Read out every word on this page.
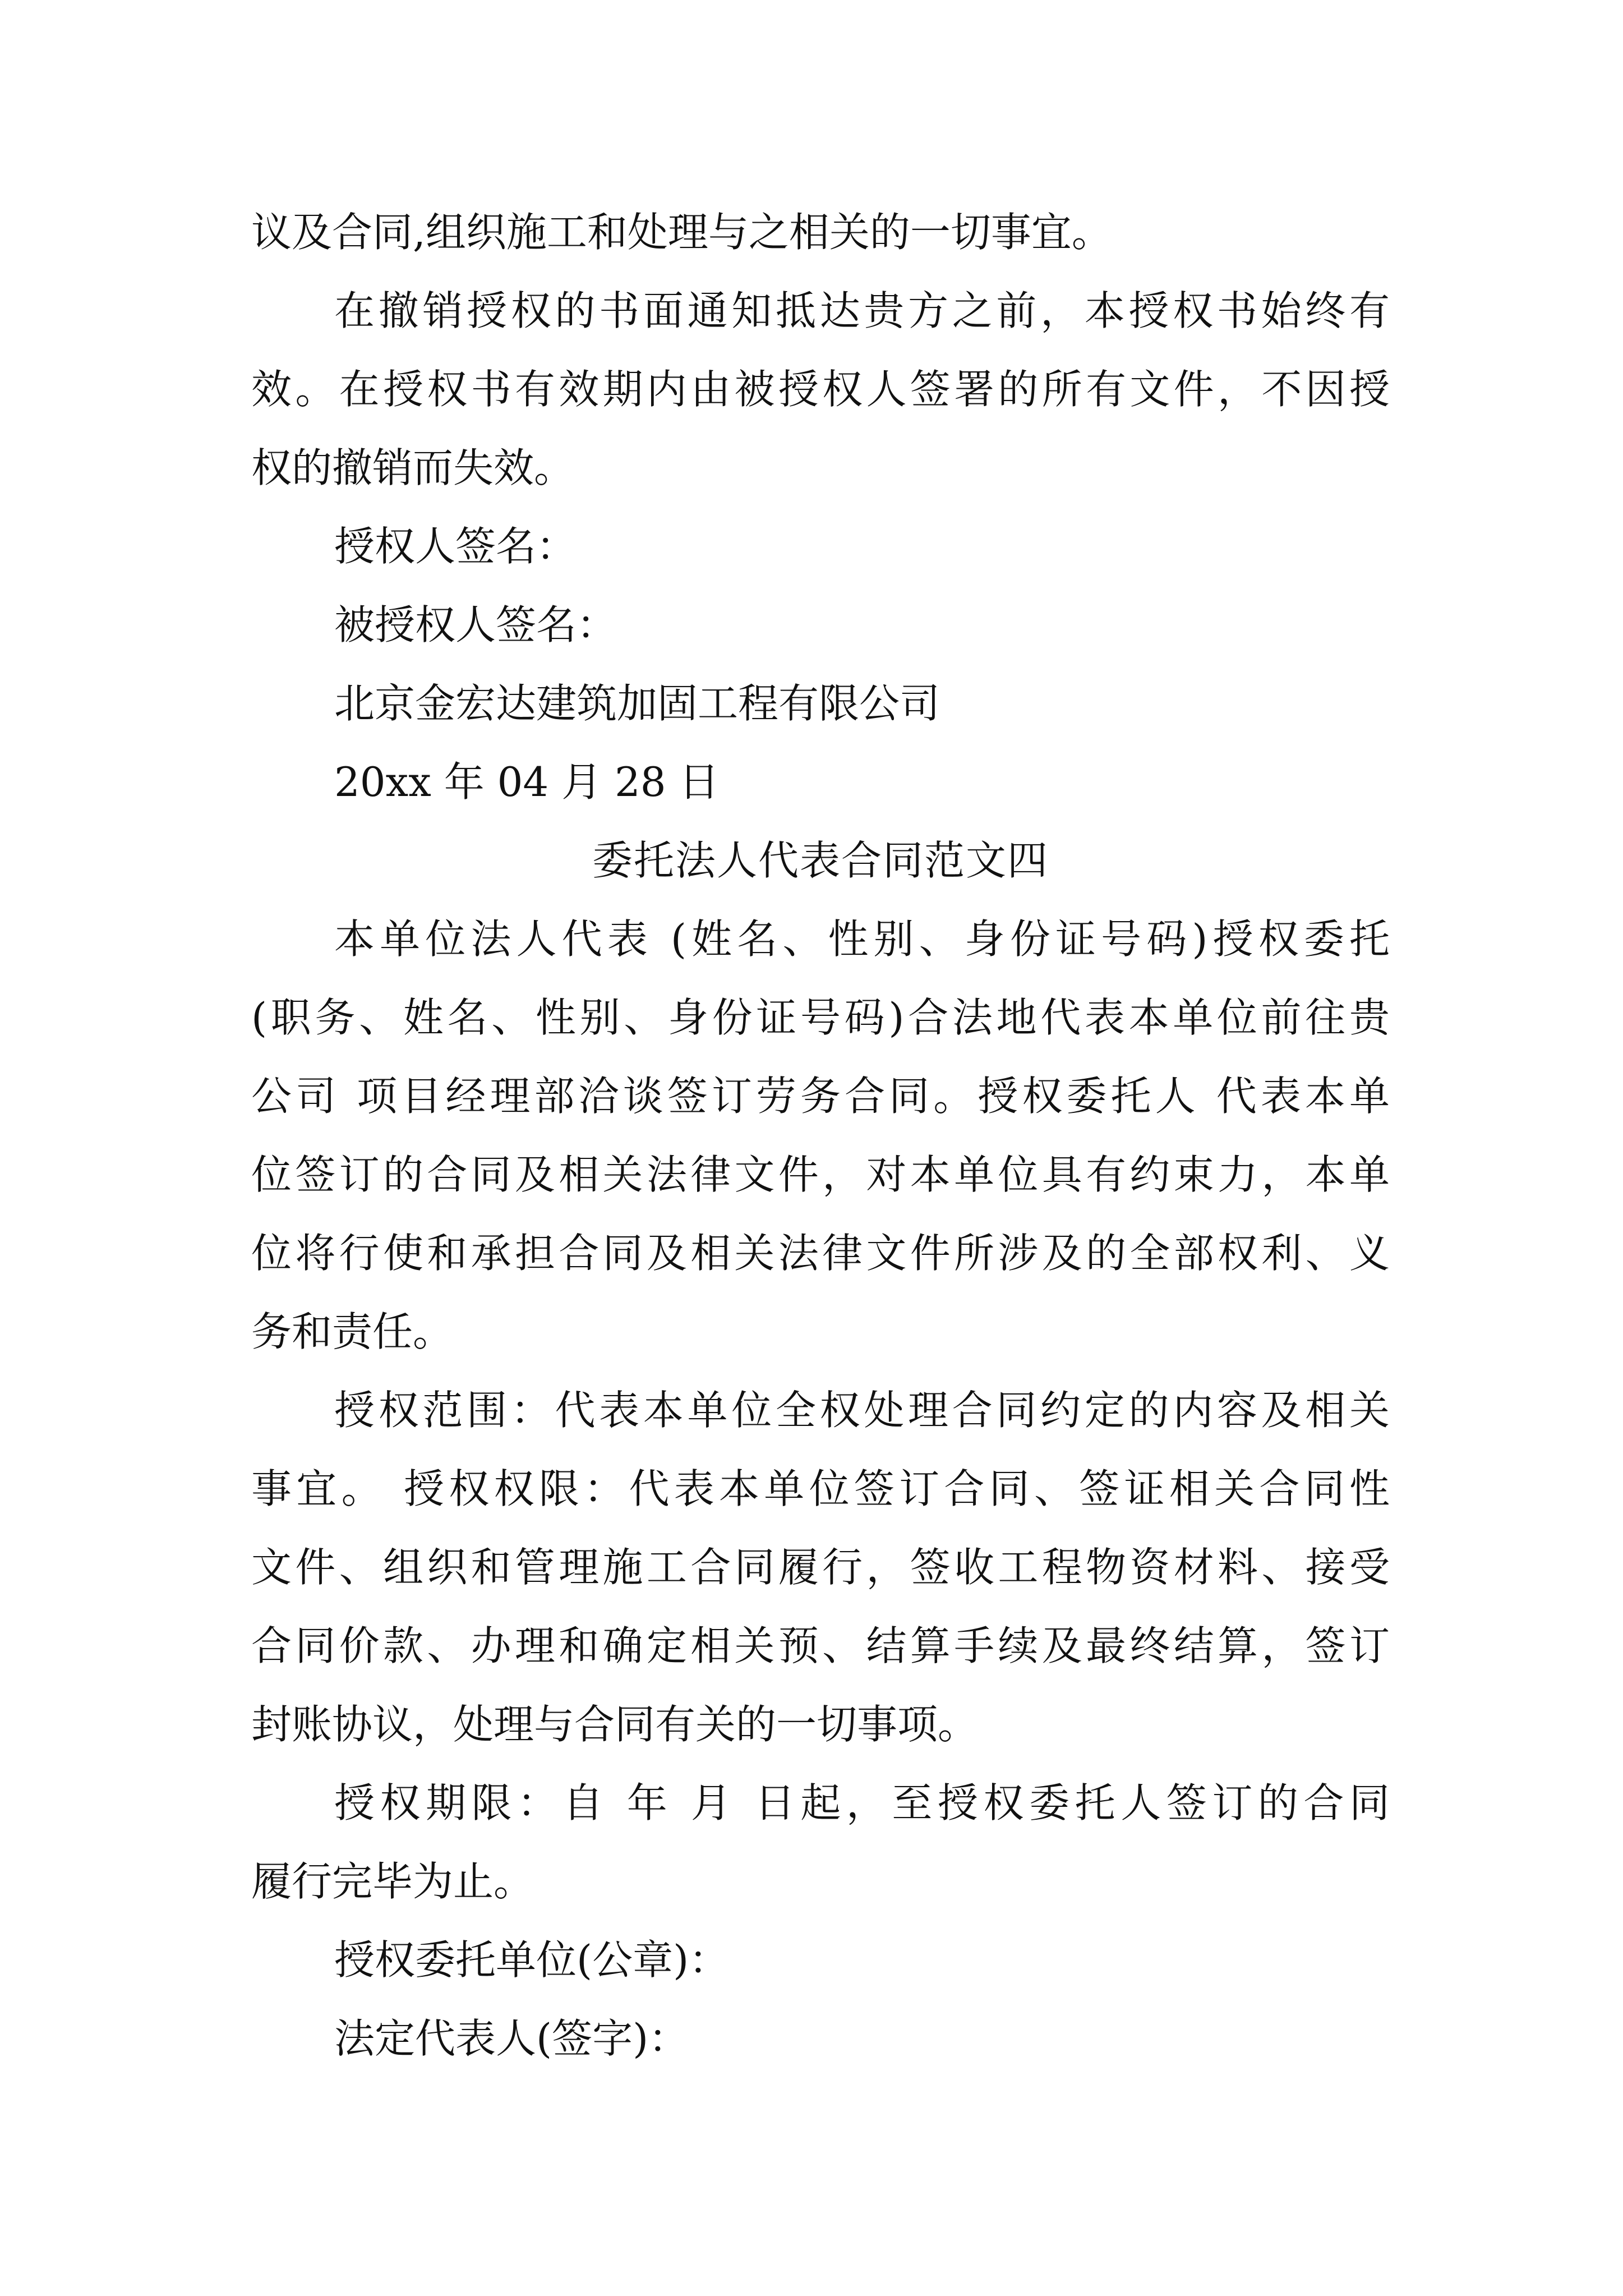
议及合同,组织施工和处理与之相关的一切事宜。
在撤销授权的书面通知抵达贵方之前，本授权书始终有
效。在授权书有效期内由被授权人签署的所有文件，不因授
权的撤销而失效。
授权人签名：
被授权人签名：
北京金宏达建筑加固工程有限公司
20xx 年 04 月 28 日
委托法人代表合同范文四
本单位法人代表 (姓名、性别、身份证号码)授权委托
(职务、姓名、性别、身份证号码)合法地代表本单位前往贵
公司 项目经理部洽谈签订劳务合同。授权委托人 代表本单
位签订的合同及相关法律文件，对本单位具有约束力，本单
位将行使和承担合同及相关法律文件所涉及的全部权利、义
务和责任。
授权范围：代表本单位全权处理合同约定的内容及相关
事宜。 授权权限：代表本单位签订合同、签证相关合同性
文件、组织和管理施工合同履行，签收工程物资材料、接受
合同价款、办理和确定相关预、结算手续及最终结算，签订
封账协议，处理与合同有关的一切事项。
授权期限：自 年 月 日起，至授权委托人签订的合同
履行完毕为止。
授权委托单位(公章)：
法定代表人(签字)：
